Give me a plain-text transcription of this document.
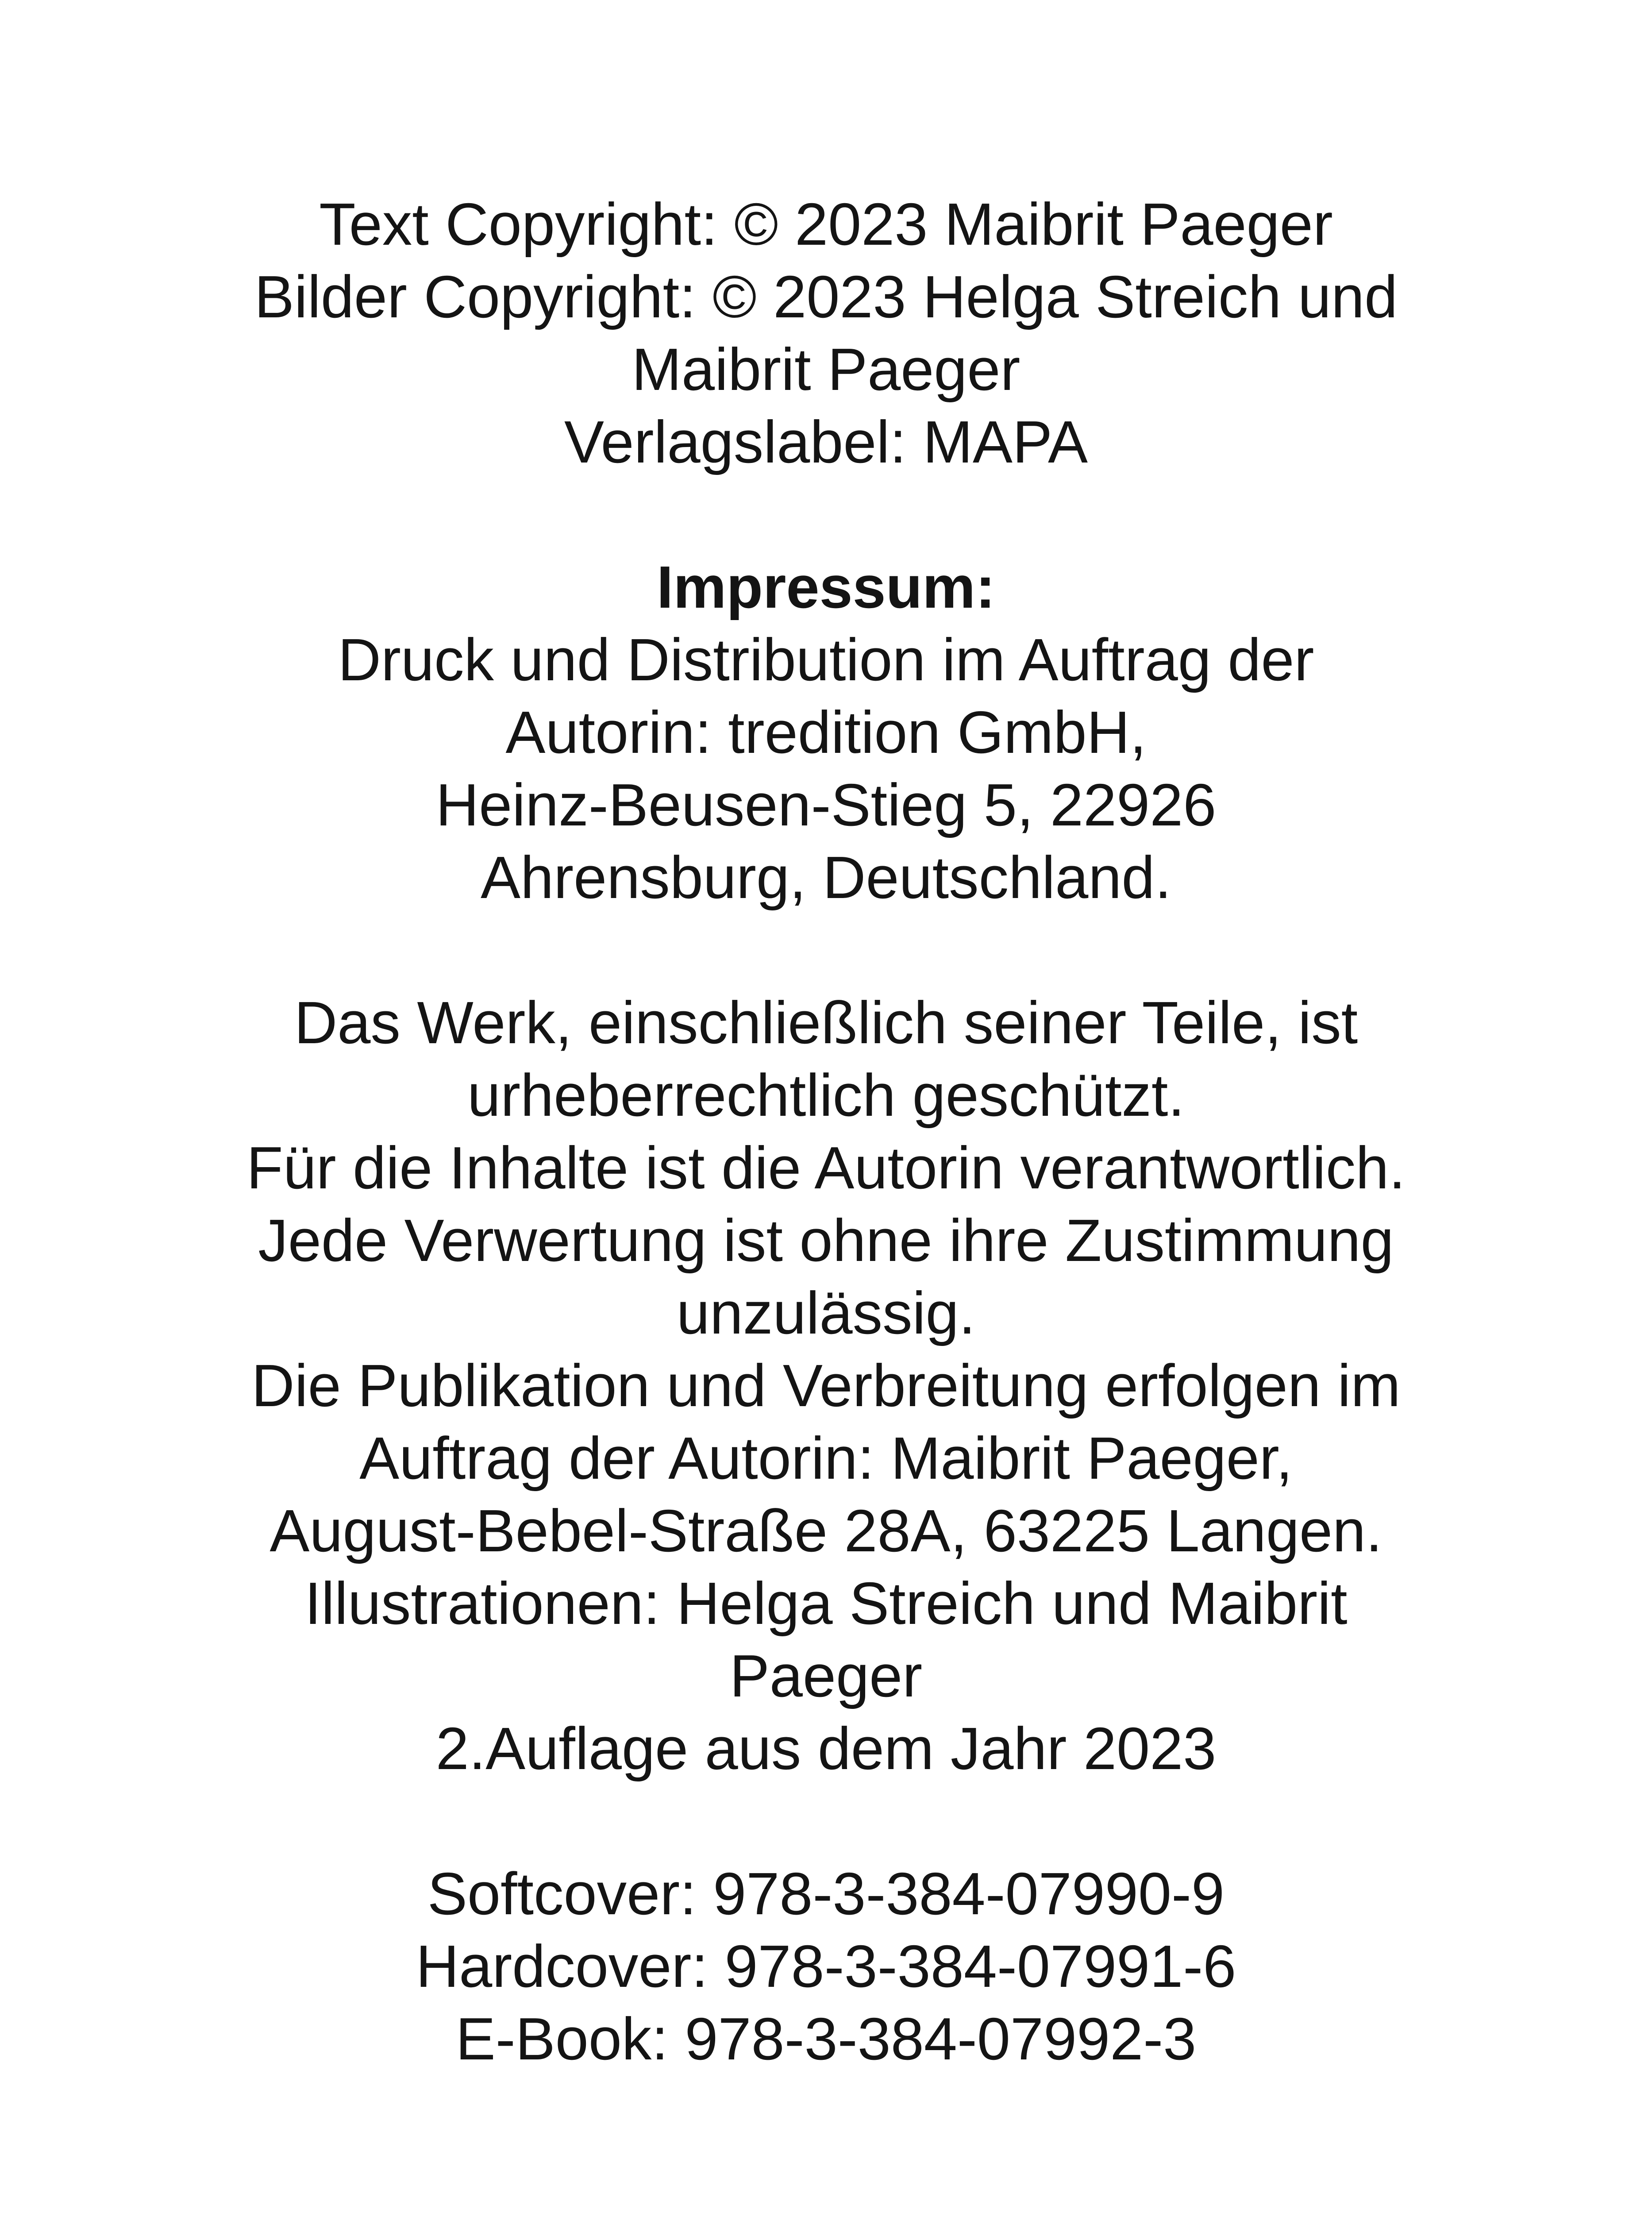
Text Copyright: © 2023 Maibrit Paeger
Bilder Copyright: © 2023 Helga Streich und
Maibrit Paeger
Verlagslabel: MAPA
Impressum:
Druck und Distribution im Auftrag der
Autorin: tredition GmbH,
Heinz-Beusen-Stieg 5, 22926
Ahrensburg, Deutschland.
Das Werk, einschließlich seiner Teile, ist
urheberrechtlich geschützt.
Für die Inhalte ist die Autorin verantwortlich.
Jede Verwertung ist ohne ihre Zustimmung
unzulässig.
Die Publikation und Verbreitung erfolgen im
Auftrag der Autorin: Maibrit Paeger,
August-Bebel-Straße 28A, 63225 Langen.
Illustrationen: Helga Streich und Maibrit
Paeger
2.Auflage aus dem Jahr 2023
Softcover: 978-3-384-07990-9
Hardcover: 978-3-384-07991-6
E-Book: 978-3-384-07992-3
